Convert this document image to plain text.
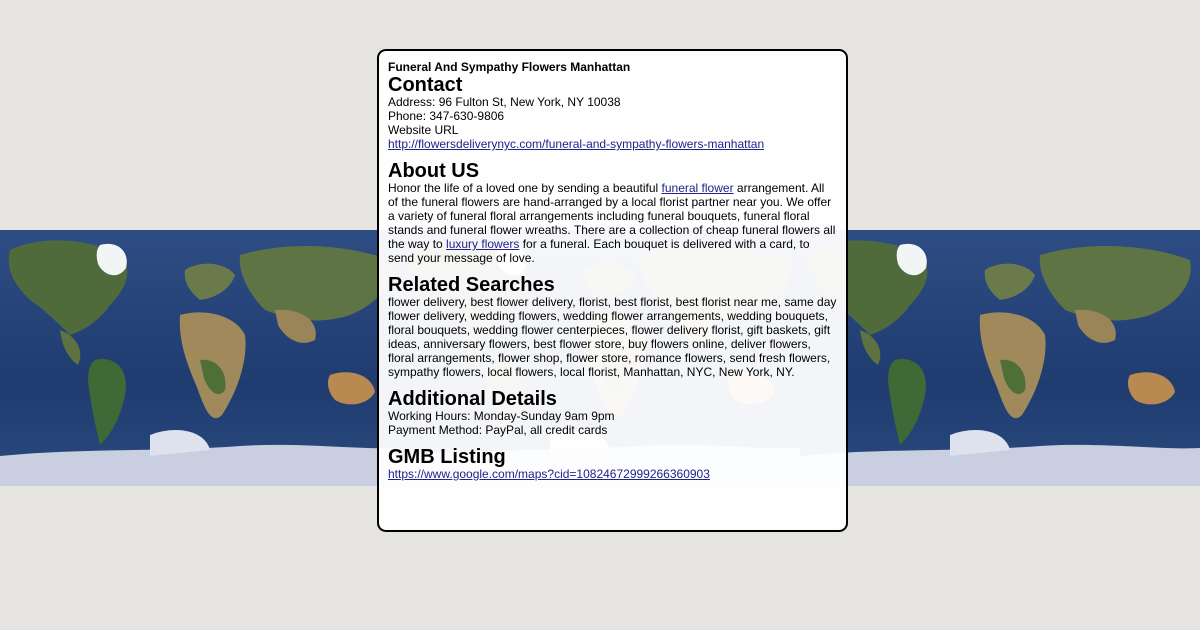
Funeral And Sympathy Flowers Manhattan
Contact
Address: 96 Fulton St, New York, NY 10038
Phone: 347-630-9806
Website URL
http://flowersdeliverynyc.com/funeral-and-sympathy-flowers-manhattan
About US

Honor the life of a loved one by sending a beautiful funeral flower arrangement. All of the funeral flowers are hand-arranged by a local florist partner near you. We offer a variety of funeral floral arrangements including funeral bouquets, funeral floral stands and funeral flower wreaths. There are a collection of cheap funeral flowers all the way to luxury flowers for a funeral. Each bouquet is delivered with a card, to send your message of love.

Related Searches

flower delivery, best flower delivery, florist, best florist, best florist near me, same day flower delivery, wedding flowers, wedding flower arrangements, wedding bouquets, floral bouquets, wedding flower centerpieces, flower delivery florist, gift baskets, gift ideas, anniversary flowers, best flower store, buy flowers online, deliver flowers, floral arrangements, flower shop, flower store, romance flowers, send fresh flowers, sympathy flowers, local flowers, local florist, Manhattan, NYC, New York, NY.

Additional Details
Working Hours: Monday-Sunday 9am 9pm
Payment Method: PayPal, all credit cards
GMB Listing
https://www.google.com/maps?cid=10824672999266360903
